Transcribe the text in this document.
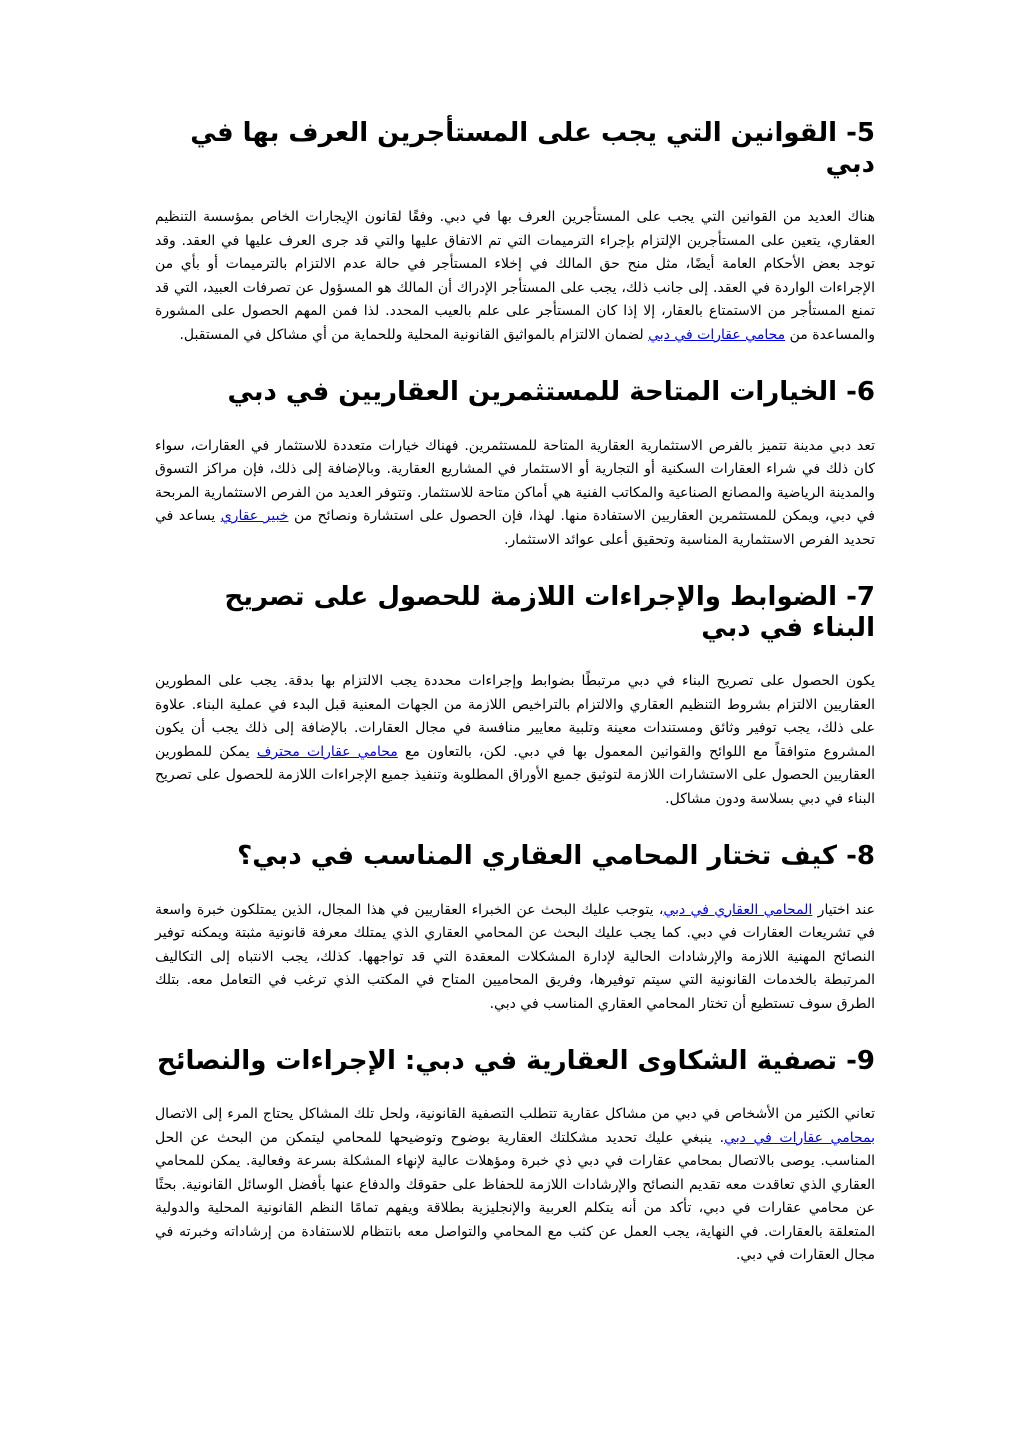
5- القوانين التي يجب على المستأجرين العرف بها في دبي

هناك العديد من القوانين التي يجب على المستأجرين العرف بها في دبي. وفقًا لقانون الإيجارات الخاص بمؤسسة التنظيم العقاري، يتعين على المستأجرين الإلتزام بإجراء الترميمات التي تم الاتفاق عليها والتي قد جرى العرف عليها في العقد. وقد توجد بعض الأحكام العامة أيضًا، مثل منح حق المالك في إخلاء المستأجر في حالة عدم الالتزام بالترميمات أو بأي من الإجراءات الواردة في العقد. إلى جانب ذلك، يجب على المستأجر الإدراك أن المالك هو المسؤول عن تصرفات العبيد، التي قد تمنع المستأجر من الاستمتاع بالعقار، إلا إذا كان المستأجر على علم بالعيب المحدد. لذا فمن المهم الحصول على المشورة والمساعدة من محامي عقارات في دبي لضمان الالتزام بالمواثيق القانونية المحلية وللحماية من أي مشاكل في المستقبل.

6- الخيارات المتاحة للمستثمرين العقاريين في دبي

تعد دبي مدينة تتميز بالفرص الاستثمارية العقارية المتاحة للمستثمرين. فهناك خيارات متعددة للاستثمار في العقارات، سواء كان ذلك في شراء العقارات السكنية أو التجارية أو الاستثمار في المشاريع العقارية. وبالإضافة إلى ذلك، فإن مراكز التسوق والمدينة الرياضية والمصانع الصناعية والمكاتب الفنية هي أماكن متاحة للاستثمار. وتتوفر العديد من الفرص الاستثمارية المربحة في دبي، ويمكن للمستثمرين العقاريين الاستفادة منها. لهذا، فإن الحصول على استشارة ونصائح من خبير عقاري يساعد في تحديد الفرص الاستثمارية المناسبة وتحقيق أعلى عوائد الاستثمار.

7- الضوابط والإجراءات اللازمة للحصول على تصريح البناء في دبي

يكون الحصول على تصريح البناء في دبي مرتبطًا بضوابط وإجراءات محددة يجب الالتزام بها بدقة. يجب على المطورين العقاريين الالتزام بشروط التنظيم العقاري والالتزام بالتراخيص اللازمة من الجهات المعنية قبل البدء في عملية البناء. علاوة على ذلك، يجب توفير وثائق ومستندات معينة وتلبية معايير منافسة في مجال العقارات. بالإضافة إلى ذلك يجب أن يكون المشروع متوافقاً مع اللوائح والقوانين المعمول بها في دبي. لكن، بالتعاون مع محامي عقارات محترف يمكن للمطورين العقاريين الحصول على الاستشارات اللازمة لتوثيق جميع الأوراق المطلوبة وتنفيذ جميع الإجراءات اللازمة للحصول على تصريح البناء في دبي بسلاسة ودون مشاكل.

8- كيف تختار المحامي العقاري المناسب في دبي؟

عند اختيار المحامي العقاري في دبي، يتوجب عليك البحث عن الخبراء العقاريين في هذا المجال، الذين يمتلكون خبرة واسعة في تشريعات العقارات في دبي. كما يجب عليك البحث عن المحامي العقاري الذي يمتلك معرفة قانونية مثبتة ويمكنه توفير النصائح المهنية اللازمة والإرشادات الحالية لإدارة المشكلات المعقدة التي قد تواجهها. كذلك، يجب الانتباه إلى التكاليف المرتبطة بالخدمات القانونية التي سيتم توفيرها، وفريق المحاميين المتاح في المكتب الذي ترغب في التعامل معه. بتلك الطرق سوف تستطيع أن تختار المحامي العقاري المناسب في دبي.

9- تصفية الشكاوى العقارية في دبي: الإجراءات والنصائح

تعاني الكثير من الأشخاص في دبي من مشاكل عقارية تتطلب التصفية القانونية، ولحل تلك المشاكل يحتاج المرء إلى الاتصال بمحامي عقارات في دبي. ينبغي عليك تحديد مشكلتك العقارية بوضوح وتوضيحها للمحامي ليتمكن من البحث عن الحل المناسب. يوصى بالاتصال بمحامي عقارات في دبي ذي خبرة ومؤهلات عالية لإنهاء المشكلة بسرعة وفعالية. يمكن للمحامي العقاري الذي تعاقدت معه تقديم النصائح والإرشادات اللازمة للحفاظ على حقوقك والدفاع عنها بأفضل الوسائل القانونية. بحثًا عن محامي عقارات في دبي، تأكد من أنه يتكلم العربية والإنجليزية بطلاقة ويفهم تمامًا النظم القانونية المحلية والدولية المتعلقة بالعقارات. في النهاية، يجب العمل عن كثب مع المحامي والتواصل معه بانتظام للاستفادة من إرشاداته وخبرته في مجال العقارات في دبي.
